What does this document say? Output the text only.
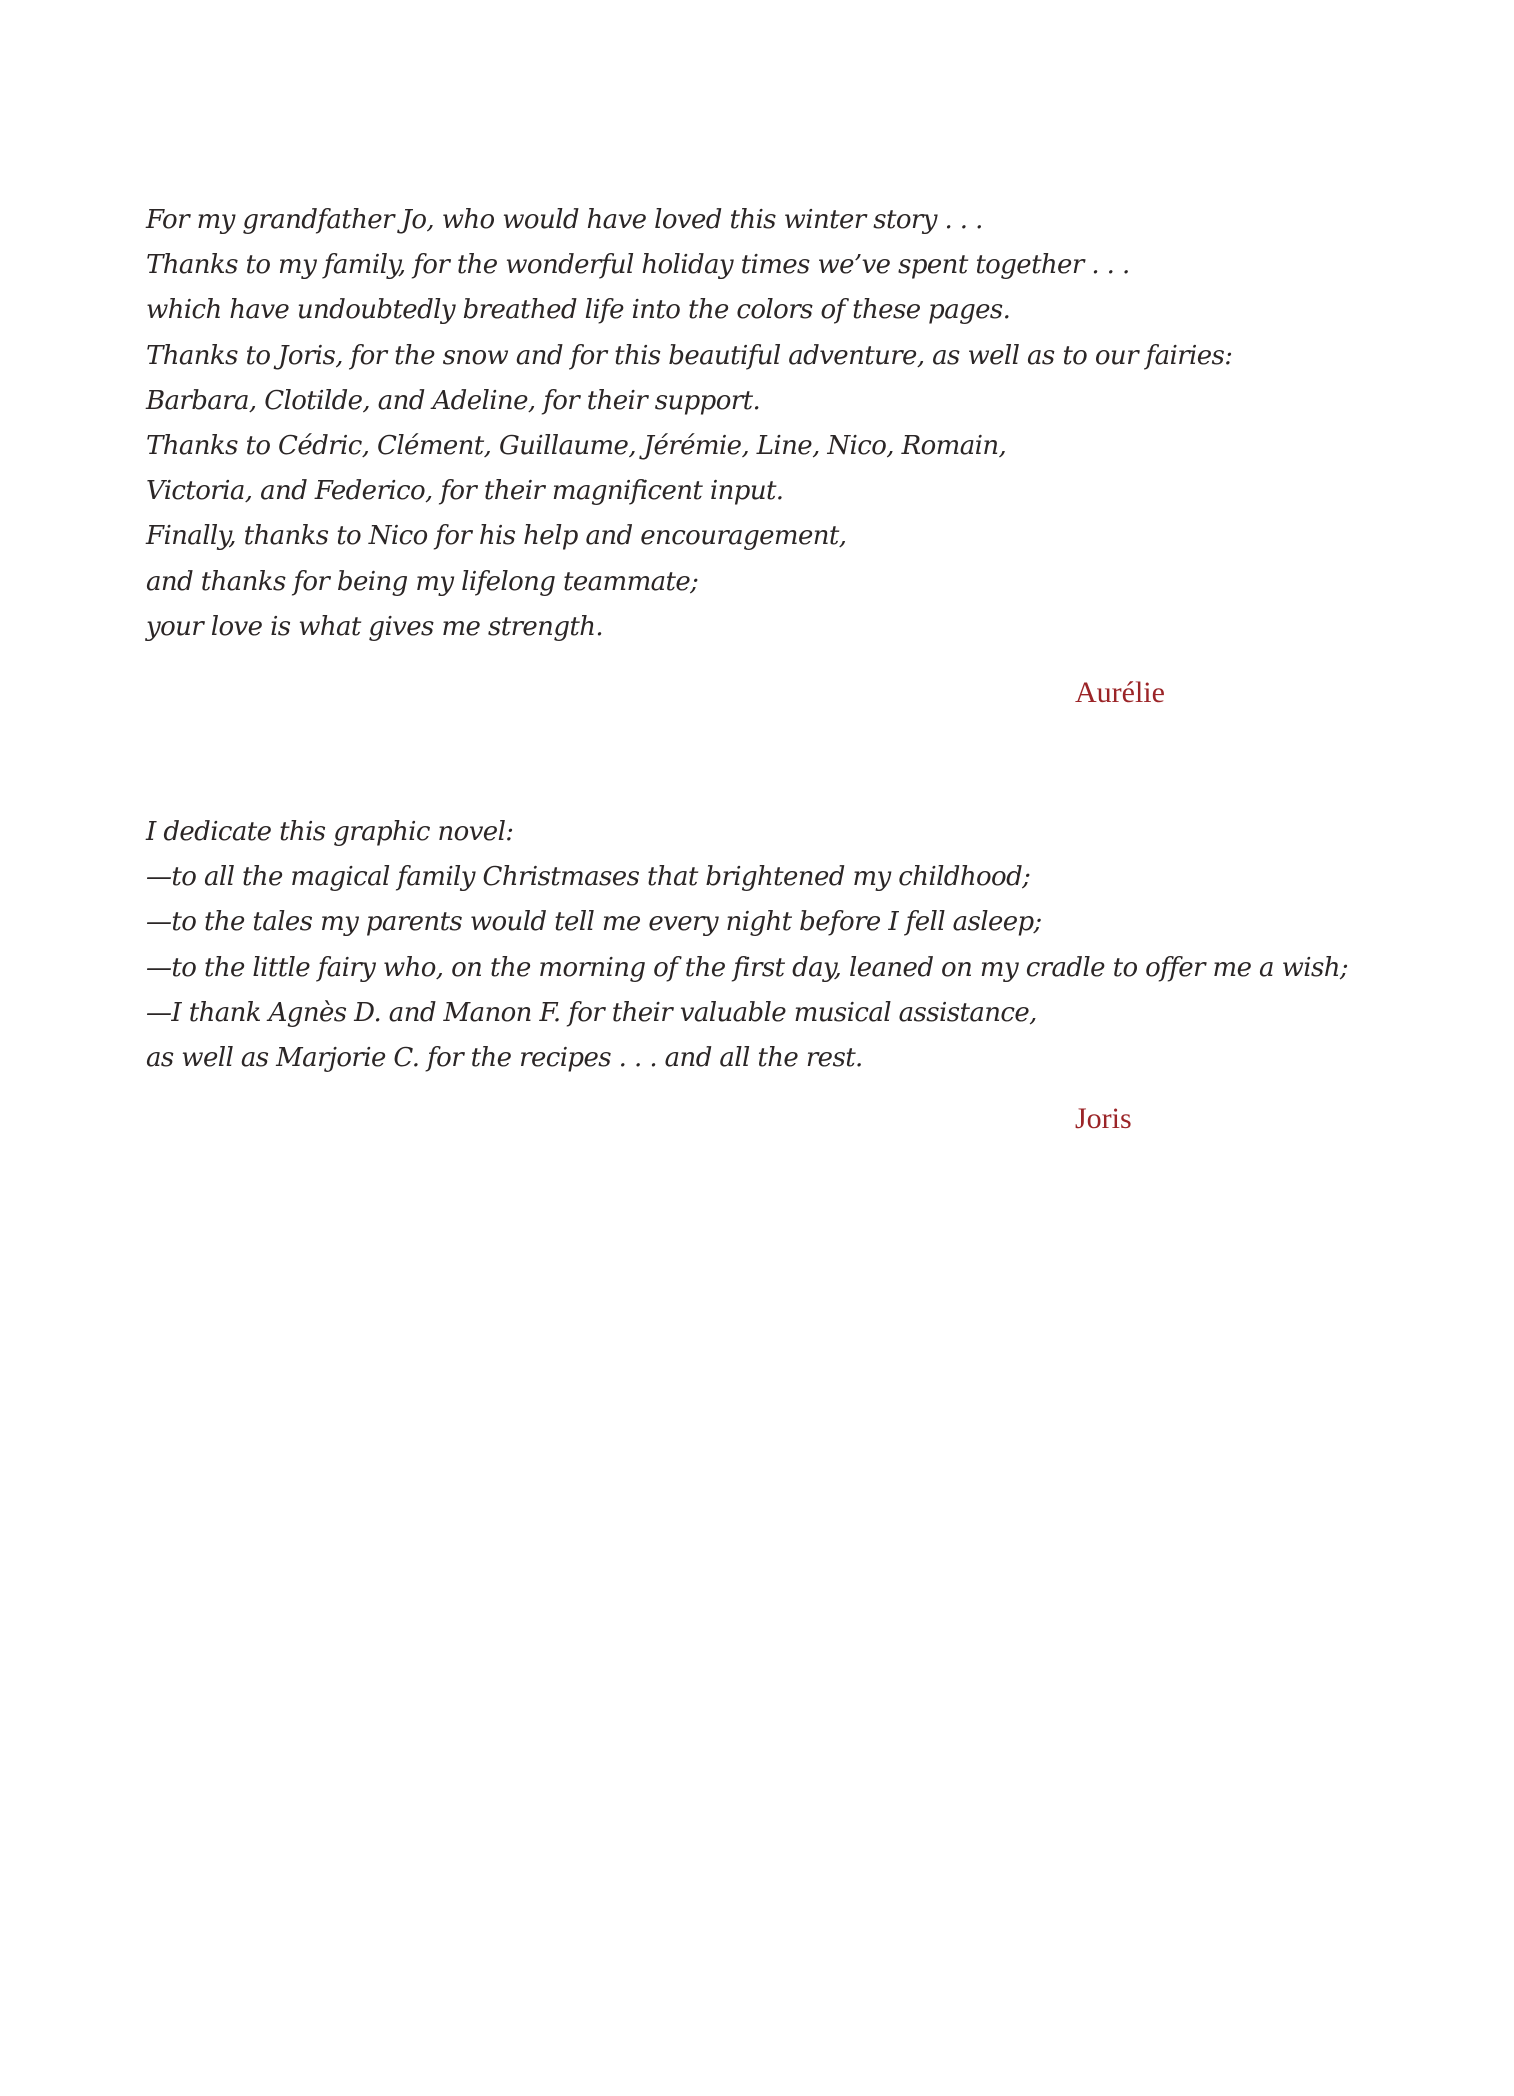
For my grandfather Jo, who would have loved this winter story . . .

Thanks to my family, for the wonderful holiday times we’ve spent together . . .

which have undoubtedly breathed life into the colors of these pages.

Thanks to Joris, for the snow and for this beautiful adventure, as well as to our fairies:

Barbara, Clotilde, and Adeline, for their support.

Thanks to Cédric, Clément, Guillaume, Jérémie, Line, Nico, Romain,

Victoria, and Federico, for their magnificent input.

Finally, thanks to Nico for his help and encouragement,

and thanks for being my lifelong teammate;

your love is what gives me strength.

Aurélie

I dedicate this graphic novel:

—to all the magical family Christmases that brightened my childhood;

—to the tales my parents would tell me every night before I fell asleep;

—to the little fairy who, on the morning of the first day, leaned on my cradle to offer me a wish;

—I thank Agnès D. and Manon F. for their valuable musical assistance,

as well as Marjorie C. for the recipes . . . and all the rest.

Joris
